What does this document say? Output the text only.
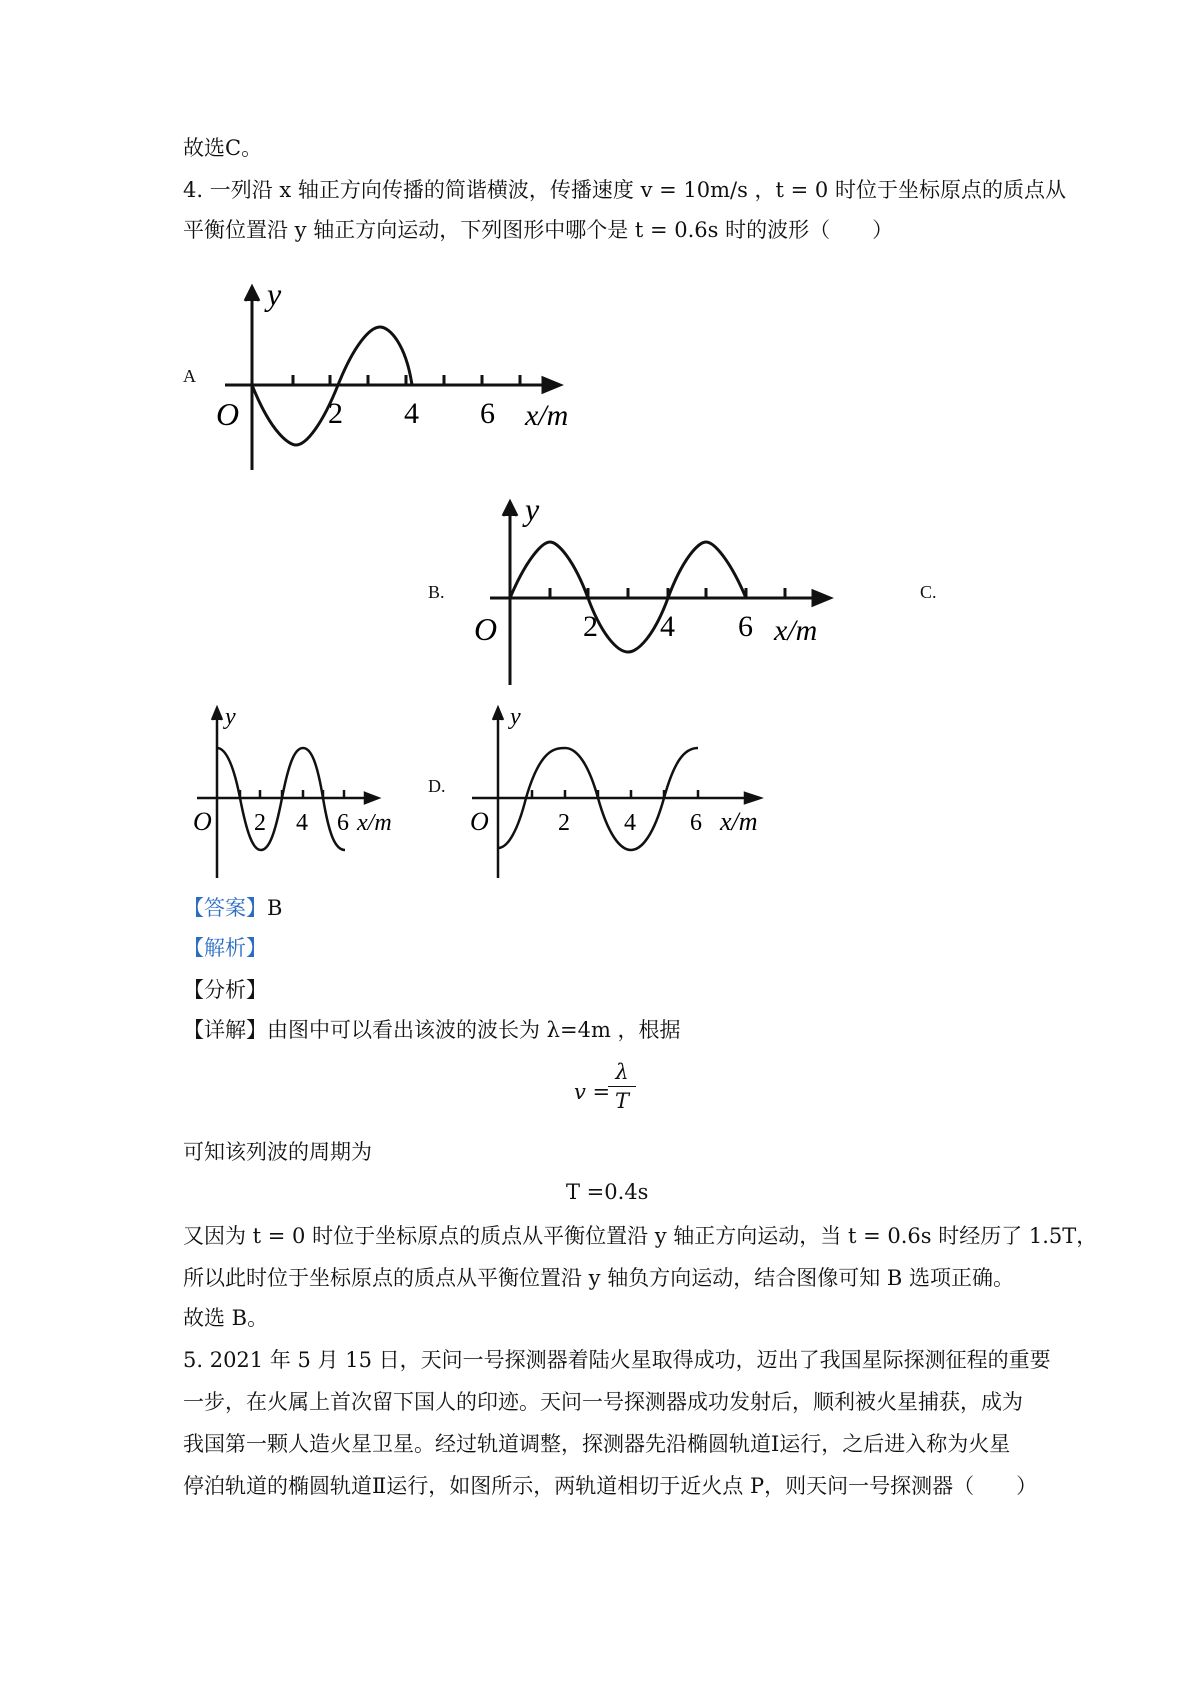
故选C。
4. 一列沿 x 轴正方向传播的简谐横波，传播速度 v = 10m/s ，t = 0 时位于坐标原点的质点从
平衡位置沿 y 轴正方向运动，下列图形中哪个是 t = 0.6s 时的波形（　　）
A
B.	C.
D.
y
O	2 4 6 x/m
y
O	2 4 6 x/m
y
O 2 4 6 x/m
y
O	2 4 6 x/m
【答案】B
【解析】
【分析】
【详解】由图中可以看出该波的波长为 λ=4m ，根据
v =
λ
T
可知该列波的周期为
T =0.4s
又因为 t = 0 时位于坐标原点的质点从平衡位置沿 y 轴正方向运动，当 t = 0.6s 时经历了 1.5T，
所以此时位于坐标原点的质点从平衡位置沿 y 轴负方向运动，结合图像可知 B 选项正确。
故选 B。
5. 2021 年 5 月 15 日，天问一号探测器着陆火星取得成功，迈出了我国星际探测征程的重要
一步，在火属上首次留下国人的印迹。天问一号探测器成功发射后，顺利被火星捕获，成为
我国第一颗人造火星卫星。经过轨道调整，探测器先沿椭圆轨道Ⅰ运行，之后进入称为火星
停泊轨道的椭圆轨道Ⅱ运行，如图所示，两轨道相切于近火点 P，则天问一号探测器（　　）
